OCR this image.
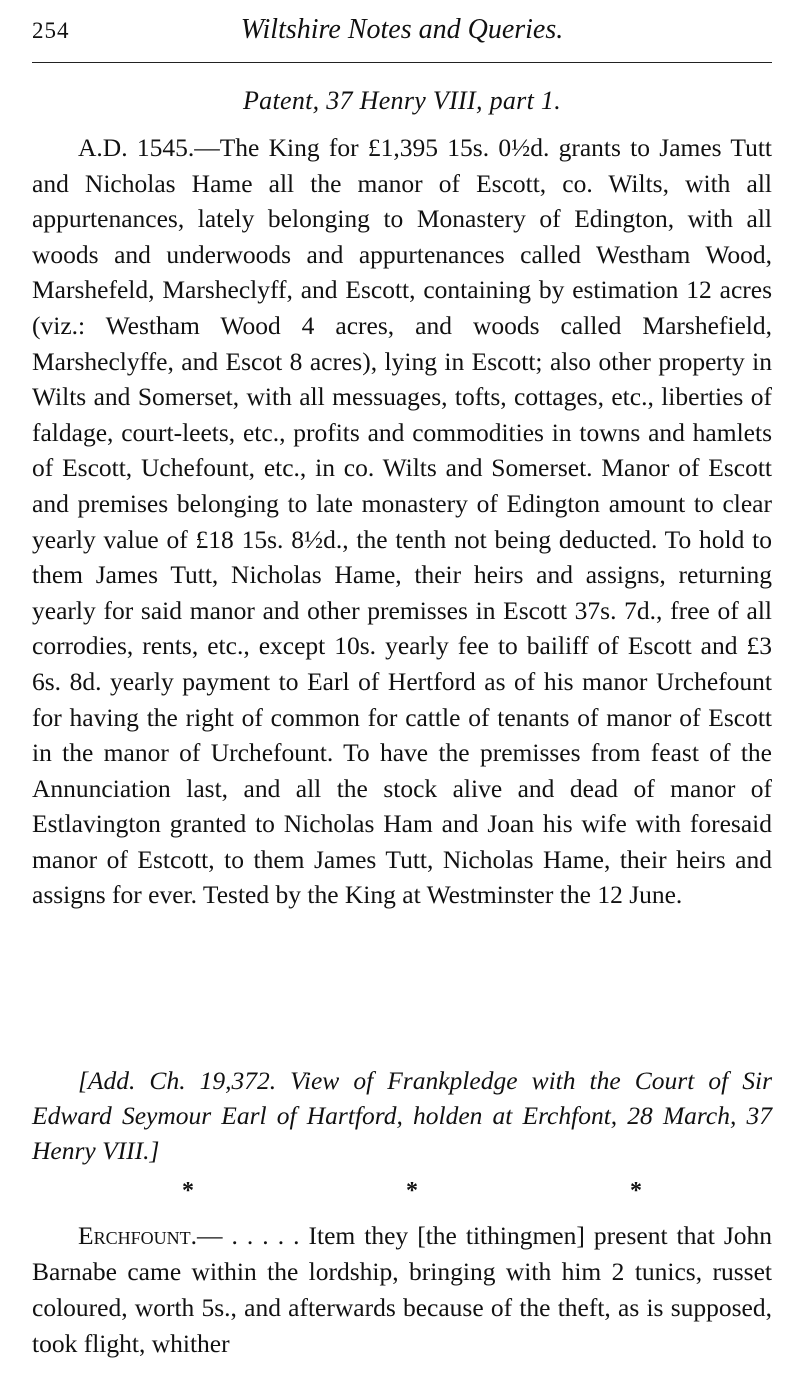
254	Wiltshire Notes and Queries.
Patent, 37 Henry VIII, part 1.

A.D. 1545.—The King for £1,395 15s. 0½d. grants to James Tutt and Nicholas Hame all the manor of Escott, co. Wilts, with all appurtenances, lately belonging to Monastery of Edington, with all woods and underwoods and appurtenances called Westham Wood, Marshefeld, Marsheclyff, and Escott, containing by estimation 12 acres (viz.: Westham Wood 4 acres, and woods called Marshefield, Marsheclyffe, and Escot 8 acres), lying in Escott; also other property in Wilts and Somerset, with all messuages, tofts, cottages, etc., liberties of faldage, court-leets, etc., profits and commodities in towns and hamlets of Escott, Uchefount, etc., in co. Wilts and Somerset. Manor of Escott and premises belonging to late monastery of Edington amount to clear yearly value of £18 15s. 8½d., the tenth not being deducted. To hold to them James Tutt, Nicholas Hame, their heirs and assigns, returning yearly for said manor and other premisses in Escott 37s. 7d., free of all corrodies, rents, etc., except 10s. yearly fee to bailiff of Escott and £3 6s. 8d. yearly payment to Earl of Hertford as of his manor Urchefount for having the right of common for cattle of tenants of manor of Escott in the manor of Urchefount. To have the premisses from feast of the Annunciation last, and all the stock alive and dead of manor of Estlavington granted to Nicholas Ham and Joan his wife with foresaid manor of Estcott, to them James Tutt, Nicholas Hame, their heirs and assigns for ever. Tested by the King at Westminster the 12 June.

[Add. Ch. 19,372. View of Frankpledge with the Court of Sir Edward Seymour Earl of Hartford, holden at Erchfont, 28 March, 37 Henry VIII.]

*	*	*

Erchfount.— . . . . . Item they [the tithingmen] present that John Barnabe came within the lordship, bringing with him 2 tunics, russet coloured, worth 5s., and afterwards because of the theft, as is supposed, took flight, whither
